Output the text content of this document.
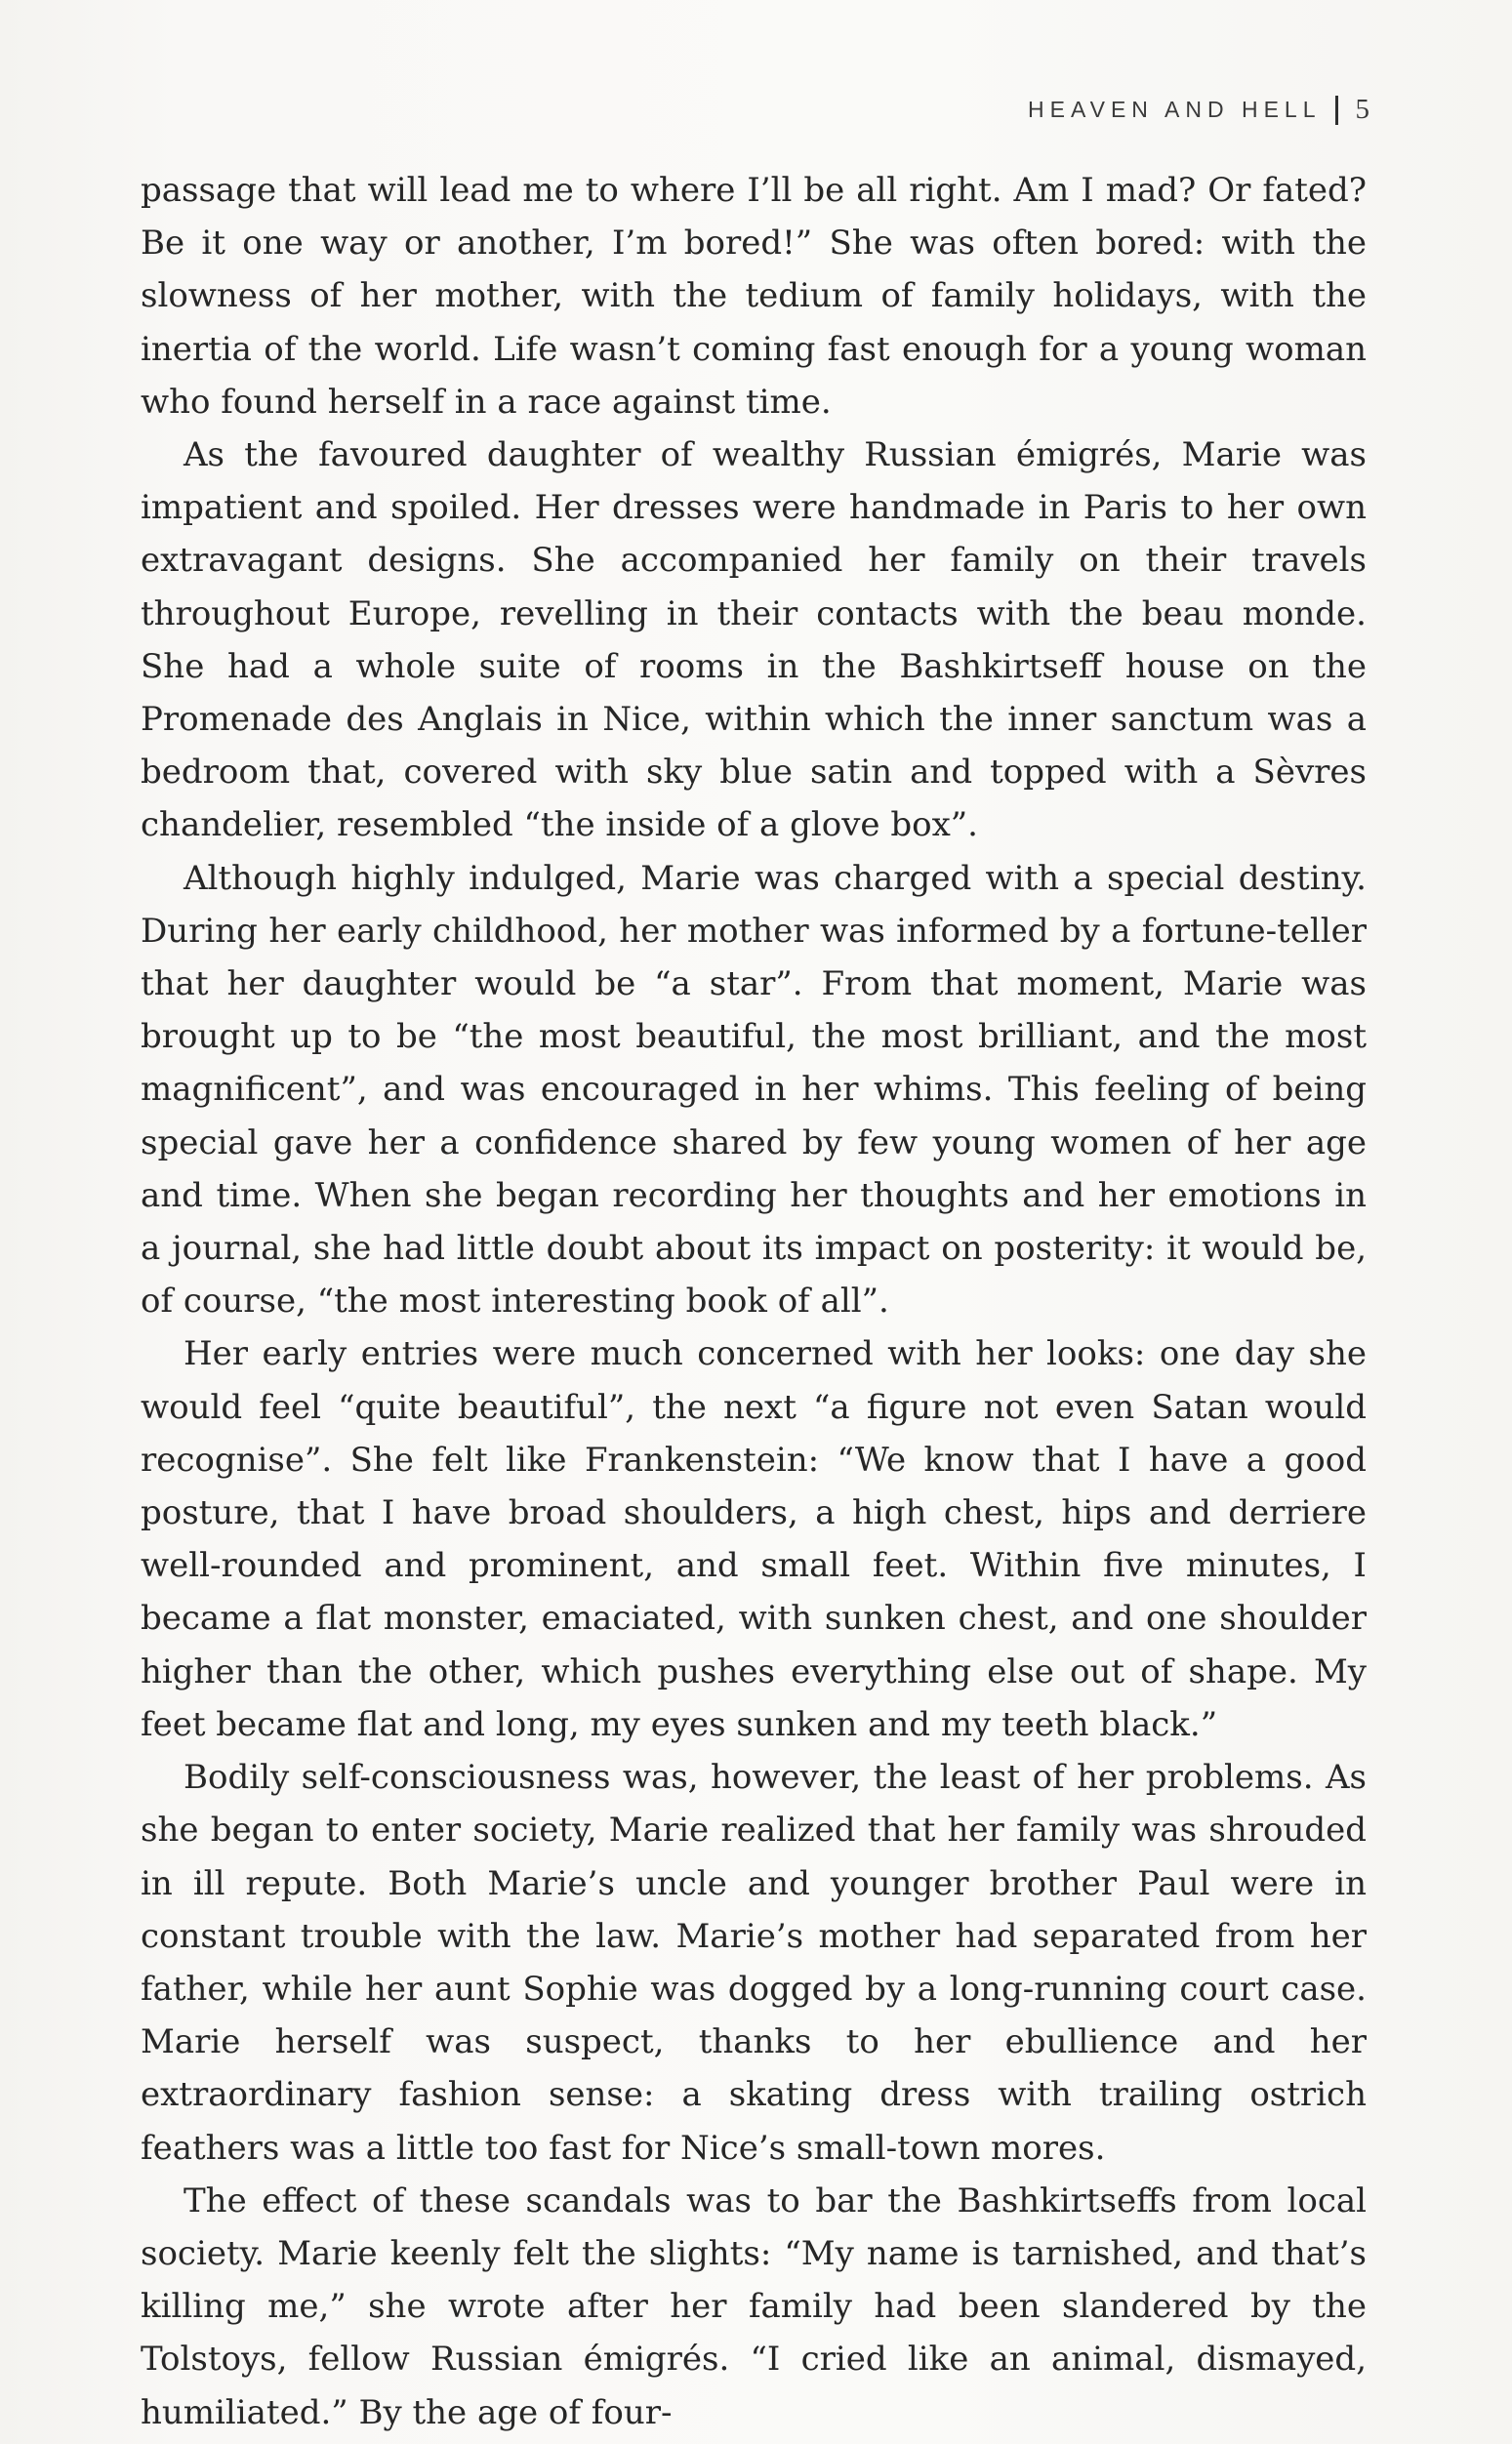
HEAVEN AND HELL 5

passage that will lead me to where I’ll be all right. Am I mad? Or fated? Be it one way or another, I’m bored!” She was often bored: with the slowness of her mother, with the tedium of family holidays, with the inertia of the world. Life wasn’t coming fast enough for a young woman who found herself in a race against time.

As the favoured daughter of wealthy Russian émigrés, Marie was impatient and spoiled. Her dresses were handmade in Paris to her own extravagant designs. She accompanied her family on their travels throughout Europe, revelling in their contacts with the beau monde. She had a whole suite of rooms in the Bashkirtseff house on the Promenade des Anglais in Nice, within which the inner sanctum was a bedroom that, covered with sky blue satin and topped with a Sèvres chandelier, resembled “the inside of a glove box”.

Although highly indulged, Marie was charged with a special destiny. During her early childhood, her mother was informed by a fortune-teller that her daughter would be “a star”. From that moment, Marie was brought up to be “the most beautiful, the most brilliant, and the most magnificent”, and was encouraged in her whims. This feeling of being special gave her a confidence shared by few young women of her age and time. When she began recording her thoughts and her emotions in a journal, she had little doubt about its impact on posterity: it would be, of course, “the most interesting book of all”.

Her early entries were much concerned with her looks: one day she would feel “quite beautiful”, the next “a figure not even Satan would recognise”. She felt like Frankenstein: “We know that I have a good posture, that I have broad shoulders, a high chest, hips and derriere well-rounded and prominent, and small feet. Within five minutes, I became a flat monster, emaciated, with sunken chest, and one shoulder higher than the other, which pushes everything else out of shape. My feet became flat and long, my eyes sunken and my teeth black.”

Bodily self-consciousness was, however, the least of her problems. As she began to enter society, Marie realized that her family was shrouded in ill repute. Both Marie’s uncle and younger brother Paul were in constant trouble with the law. Marie’s mother had separated from her father, while her aunt Sophie was dogged by a long-running court case. Marie herself was suspect, thanks to her ebullience and her extraordinary fashion sense: a skating dress with trailing ostrich feathers was a little too fast for Nice’s small-town mores.

The effect of these scandals was to bar the Bashkirtseffs from local society. Marie keenly felt the slights: “My name is tarnished, and that’s killing me,” she wrote after her family had been slandered by the Tolstoys, fellow Russian émigrés. “I cried like an animal, dismayed, humiliated.” By the age of four-
